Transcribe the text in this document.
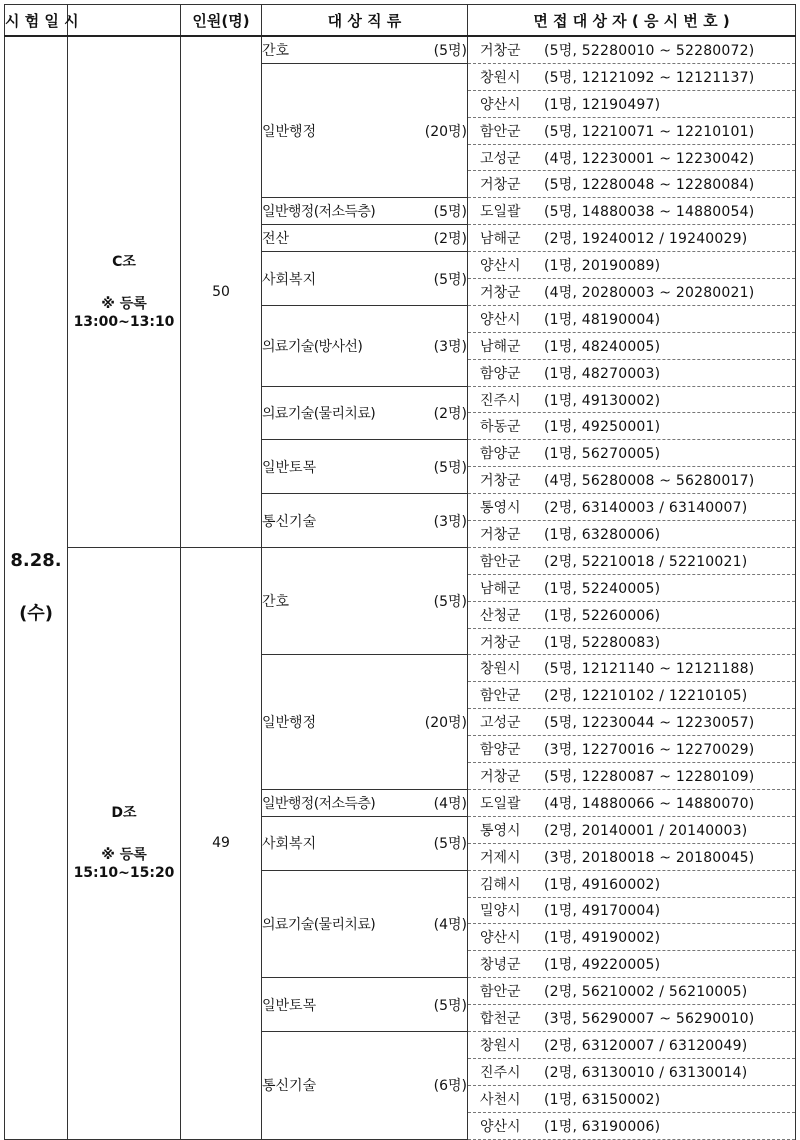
시 험 일 시		인원(명)	대 상 직 류	면 접 대 상 자 ( 응 시 번 호 )

8.28.
(수)	C조
※ 등록
13:00~13:10	50	간호 (5명)	거창군 (5명, 52280010 ~ 52280072)

			일반행정 (20명)	창원시 (5명, 12121092 ~ 12121137)
				양산시 (1명, 12190497)
				함안군 (5명, 12210071 ~ 12210101)
				고성군 (4명, 12230001 ~ 12230042)
				거창군 (5명, 12280048 ~ 12280084)

			일반행정(저소득층) (5명)	도일괄 (5명, 14880038 ~ 14880054)

			전산 (2명)	남해군 (2명, 19240012 / 19240029)

			사회복지 (5명)	양산시 (1명, 20190089)
				거창군 (4명, 20280003 ~ 20280021)

			의료기술(방사선) (3명)	양산시 (1명, 48190004)
				남해군 (1명, 48240005)
				함양군 (1명, 48270003)

			의료기술(물리치료) (2명)	진주시 (1명, 49130002)
				하동군 (1명, 49250001)

			일반토목 (5명)	함양군 (1명, 56270005)
				거창군 (4명, 56280008 ~ 56280017)

			통신기술 (3명)	통영시 (2명, 63140003 / 63140007)
				거창군 (1명, 63280006)

	D조
※ 등록
15:10~15:20	49	간호 (5명)	함안군 (2명, 52210018 / 52210021)
				남해군 (1명, 52240005)
				산청군 (1명, 52260006)
				거창군 (1명, 52280083)

			일반행정 (20명)	창원시 (5명, 12121140 ~ 12121188)
				함안군 (2명, 12210102 / 12210105)
				고성군 (5명, 12230044 ~ 12230057)
				함양군 (3명, 12270016 ~ 12270029)
				거창군 (5명, 12280087 ~ 12280109)

			일반행정(저소득층) (4명)	도일괄 (4명, 14880066 ~ 14880070)

			사회복지 (5명)	통영시 (2명, 20140001 / 20140003)
				거제시 (3명, 20180018 ~ 20180045)

			의료기술(물리치료) (4명)	김해시 (1명, 49160002)
				밀양시 (1명, 49170004)
				양산시 (1명, 49190002)
				창녕군 (1명, 49220005)

			일반토목 (5명)	함안군 (2명, 56210002 / 56210005)
				합천군 (3명, 56290007 ~ 56290010)

			통신기술 (6명)	창원시 (2명, 63120007 / 63120049)
				진주시 (2명, 63130010 / 63130014)
				사천시 (1명, 63150002)
				양산시 (1명, 63190006)
